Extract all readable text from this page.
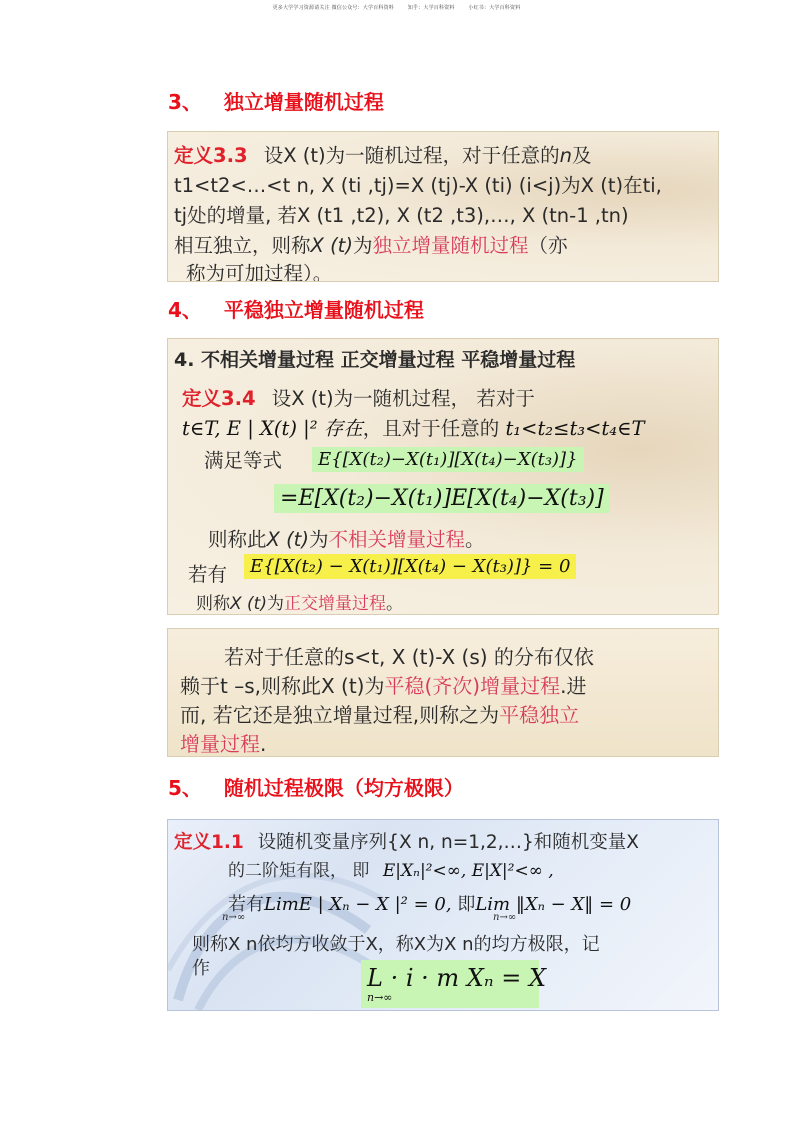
更多大学学习资源请关注 微信公众号：大学百科资料	知乎：大学百科资料	小红书：大学百科资料
3、 独立增量随机过程
定义3.3 设X (t)为一随机过程，对于任意的n及
t1<t2<…<t n, X (ti ,tj)=X (tj)-X (ti) (i<j)为X (t)在ti,
tj处的增量, 若X (t1 ,t2), X (t2 ,t3),…, X (tn-1 ,tn)
相互独立，则称X (t)为独立增量随机过程（亦
称为可加过程）。
4、 平稳独立增量随机过程
4. 不相关增量过程 正交增量过程 平稳增量过程
定义3.4 设X (t)为一随机过程， 若对于
t∈T, E | X(t) |² 存在，且对于任意的 t₁<t₂≤t₃<t₄∈T
满足等式	E{[X(t₂)−X(t₁)][X(t₄)−X(t₃)]}
=E[X(t₂)−X(t₁)]E[X(t₄)−X(t₃)]
则称此X (t)为不相关增量过程。
若有	E{[X(t₂) − X(t₁)][X(t₄) − X(t₃)]} = 0
则称X (t)为正交增量过程。
若对于任意的s<t, X (t)-X (s) 的分布仅依
赖于t –s,则称此X (t)为平稳(齐次)增量过程.进
而, 若它还是独立增量过程,则称之为平稳独立
增量过程.
5、 随机过程极限（均方极限）
定义1.1 设随机变量序列{X n, n=1,2,…}和随机变量X
的二阶矩有限， 即 E|Xₙ|²<∞, E|X|²<∞ ,
若有LimE | Xₙ − X |² = 0, 即Lim ‖Xₙ − X‖ = 0
n→∞	n→∞
则称X n依均方收敛于X，称X为X n的均方极限，记
作	L · i · m Xₙ = X
n→∞
